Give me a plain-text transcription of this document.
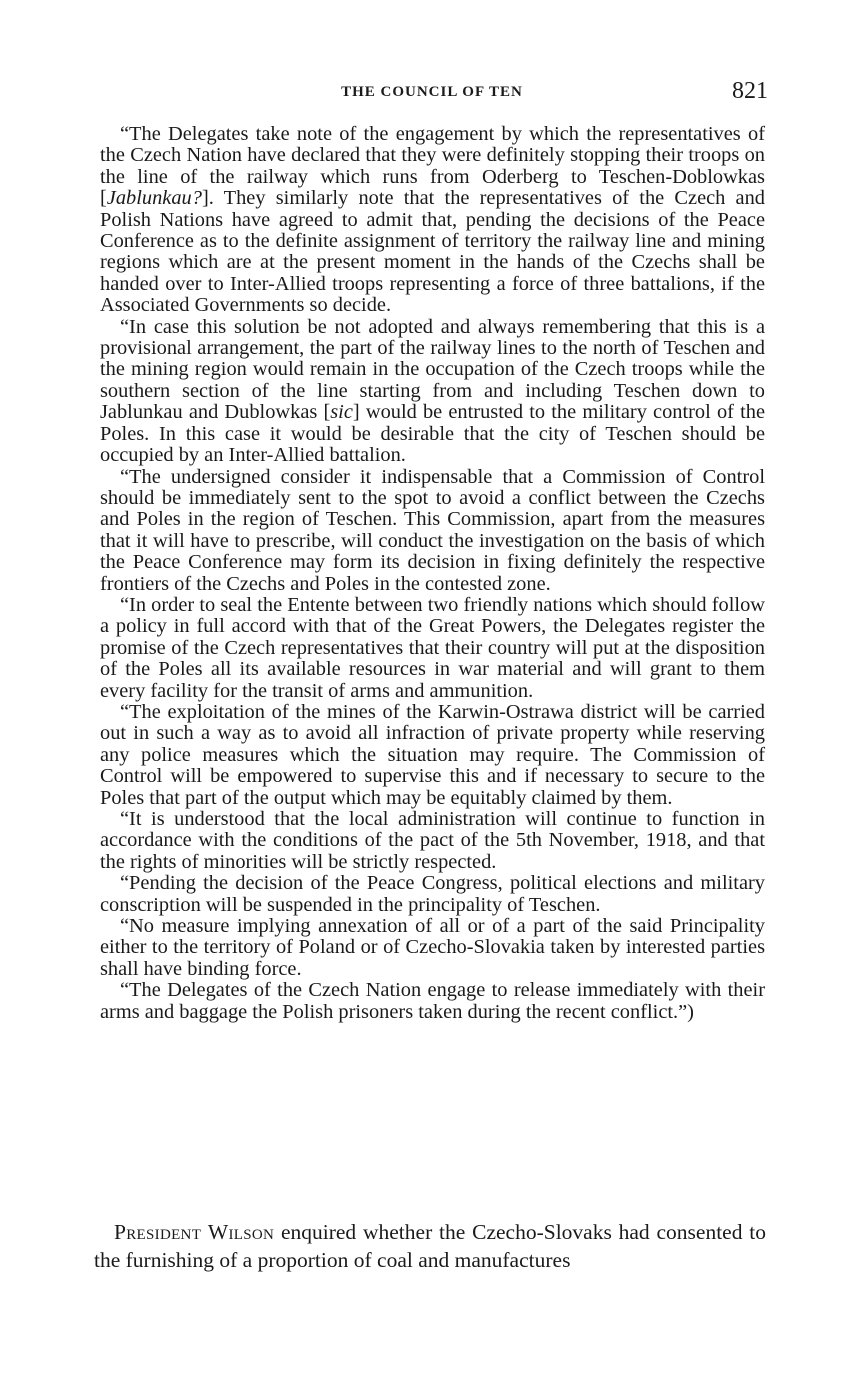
THE COUNCIL OF TEN	821

“The Delegates take note of the engagement by which the representatives of the Czech Nation have declared that they were definitely stopping their troops on the line of the railway which runs from Oderberg to Teschen-Doblowkas [Jablunkau?]. They similarly note that the representatives of the Czech and Polish Nations have agreed to admit that, pending the decisions of the Peace Conference as to the definite assignment of territory the railway line and mining regions which are at the present moment in the hands of the Czechs shall be handed over to Inter-Allied troops representing a force of three battalions, if the Associated Governments so decide.

“In case this solution be not adopted and always remembering that this is a provisional arrangement, the part of the railway lines to the north of Teschen and the mining region would remain in the occupation of the Czech troops while the southern section of the line starting from and including Teschen down to Jablunkau and Dublowkas [sic] would be entrusted to the military control of the Poles. In this case it would be desirable that the city of Teschen should be occupied by an Inter-Allied battalion.

“The undersigned consider it indispensable that a Commission of Control should be immediately sent to the spot to avoid a conflict between the Czechs and Poles in the region of Teschen. This Commission, apart from the measures that it will have to prescribe, will conduct the investigation on the basis of which the Peace Conference may form its decision in fixing definitely the respective frontiers of the Czechs and Poles in the contested zone.

“In order to seal the Entente between two friendly nations which should follow a policy in full accord with that of the Great Powers, the Delegates register the promise of the Czech representatives that their country will put at the disposition of the Poles all its available resources in war material and will grant to them every facility for the transit of arms and ammunition.

“The exploitation of the mines of the Karwin-Ostrawa district will be carried out in such a way as to avoid all infraction of private property while reserving any police measures which the situation may require. The Commission of Control will be empowered to supervise this and if necessary to secure to the Poles that part of the output which may be equitably claimed by them.

“It is understood that the local administration will continue to function in accordance with the conditions of the pact of the 5th November, 1918, and that the rights of minorities will be strictly respected.

“Pending the decision of the Peace Congress, political elections and military conscription will be suspended in the principality of Teschen.

“No measure implying annexation of all or of a part of the said Principality either to the territory of Poland or of Czecho-Slovakia taken by interested parties shall have binding force.

“The Delegates of the Czech Nation engage to release immediately with their arms and baggage the Polish prisoners taken during the recent conflict.”)

President Wilson enquired whether the Czecho-Slovaks had consented to the furnishing of a proportion of coal and manufactures
